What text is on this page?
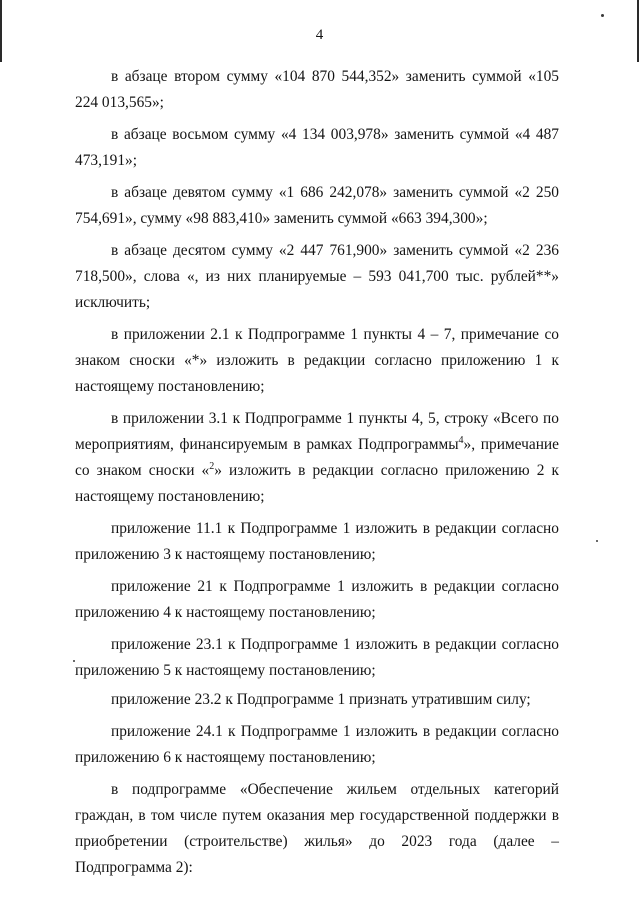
4

в абзаце втором сумму «104 870 544,352» заменить суммой «105 224 013,565»;

в абзаце восьмом сумму «4 134 003,978» заменить суммой «4 487 473,191»;

в абзаце девятом сумму «1 686 242,078» заменить суммой «2 250 754,691», сумму «98 883,410» заменить суммой «663 394,300»;

в абзаце десятом сумму «2 447 761,900» заменить суммой «2 236 718,500», слова «, из них планируемые – 593 041,700 тыс. рублей**» исключить;

в приложении 2.1 к Подпрограмме 1 пункты 4 – 7, примечание со знаком сноски «*» изложить в редакции согласно приложению 1 к настоящему постановлению;

в приложении 3.1 к Подпрограмме 1 пункты 4, 5, строку «Всего по мероприятиям, финансируемым в рамках Подпрограммы$^4$», примечание со знаком сноски «$^2$» изложить в редакции согласно приложению 2 к настоящему постановлению;

приложение 11.1 к Подпрограмме 1 изложить в редакции согласно приложению 3 к настоящему постановлению;

приложение 21 к Подпрограмме 1 изложить в редакции согласно приложению 4 к настоящему постановлению;

приложение 23.1 к Подпрограмме 1 изложить в редакции согласно приложению 5 к настоящему постановлению;

приложение 23.2 к Подпрограмме 1 признать утратившим силу;

приложение 24.1 к Подпрограмме 1 изложить в редакции согласно приложению 6 к настоящему постановлению;

в подпрограмме «Обеспечение жильем отдельных категорий граждан, в том числе путем оказания мер государственной поддержки в приобретении (строительстве) жилья» до 2023 года (далее – Подпрограмма 2):
